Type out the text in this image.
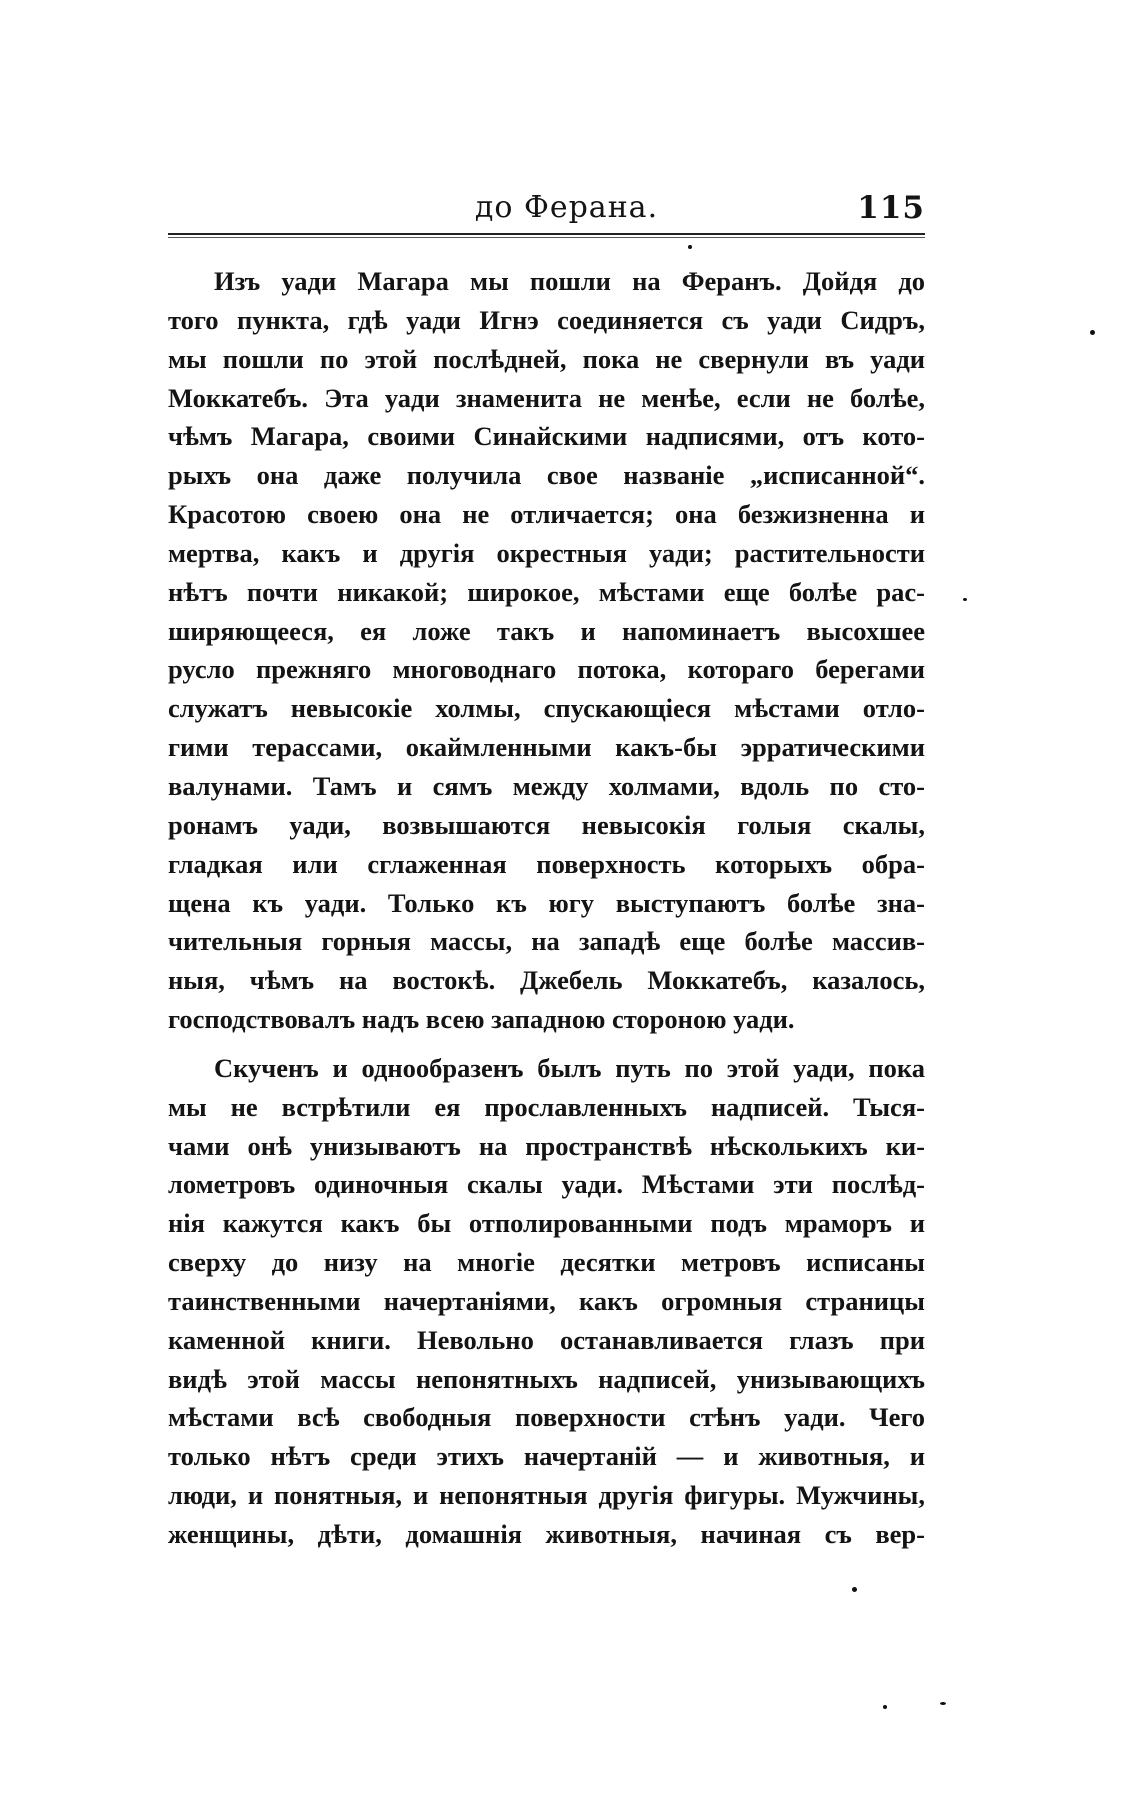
до Ферана.	115
Изъ уади Магара мы пошли на Феранъ. Дойдя до
того пункта, гдѣ уади Игнэ соединяется съ уади Сидръ,
мы пошли по этой послѣдней, пока не свернули въ уади
Моккатебъ. Эта уади знаменита не менѣе, если не болѣе,
чѣмъ Магара, своими Синайскими надписями, отъ кото-
рыхъ она даже получила свое названіе „исписанной“.
Красотою своею она не отличается; она безжизненна и
мертва, какъ и другія окрестныя уади; растительности
нѣтъ почти никакой; широкое, мѣстами еще болѣе рас-
ширяющееся, ея ложе такъ и напоминаетъ высохшее
русло прежняго многоводнаго потока, котораго берегами
служатъ невысокіе холмы, спускающіеся мѣстами отло-
гими терассами, окаймленными какъ-бы эрратическими
валунами. Тамъ и сямъ между холмами, вдоль по сто-
ронамъ уади, возвышаются невысокія голыя скалы,
гладкая или сглаженная поверхность которыхъ обра-
щена къ уади. Только къ югу выступаютъ болѣе зна-
чительныя горныя массы, на западѣ еще болѣе массив-
ныя, чѣмъ на востокѣ. Джебель Моккатебъ, казалось,
господствовалъ надъ всею западною стороною уади.
Скученъ и однообразенъ былъ путь по этой уади, пока
мы не встрѣтили ея прославленныхъ надписей. Тыся-
чами онѣ унизываютъ на пространствѣ нѣсколькихъ ки-
лометровъ одиночныя скалы уади. Мѣстами эти послѣд-
нія кажутся какъ бы отполированными подъ мраморъ и
сверху до низу на многіе десятки метровъ исписаны
таинственными начертаніями, какъ огромныя страницы
каменной книги. Невольно останавливается глазъ при
видѣ этой массы непонятныхъ надписей, унизывающихъ
мѣстами всѣ свободныя поверхности стѣнъ уади. Чего
только нѣтъ среди этихъ начертаній — и животныя, и
люди, и понятныя, и непонятныя другія фигуры. Мужчины,
женщины, дѣти, домашнія животныя, начиная съ вер-
